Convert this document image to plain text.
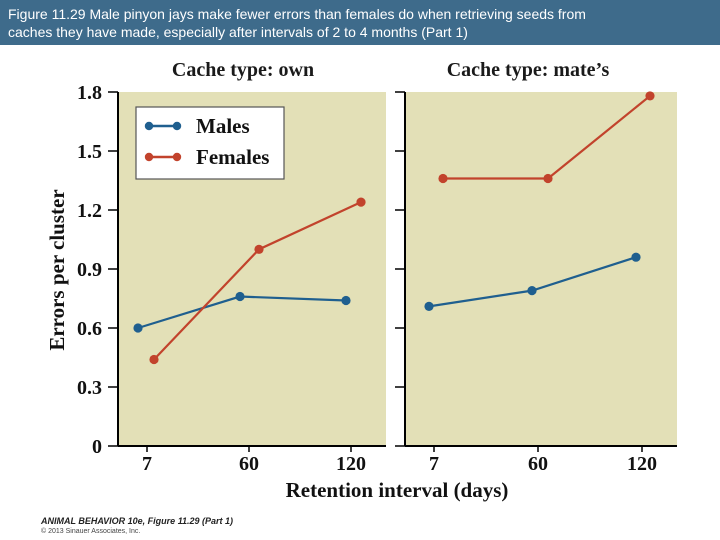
Figure 11.29 Male pinyon jays make fewer errors than females do when retrieving seeds from
caches they have made, especially after intervals of 2 to 4 months (Part 1)
Cache type: own	Cache type: mate’s
7	60	120	7	60	120
0
0.3
0.6
0.9
1.2
1.5
1.8
Errors per cluster
Retention interval (days)
Males
Females
ANIMAL BEHAVIOR 10e, Figure 11.29 (Part 1)
© 2013 Sinauer Associates, Inc.
